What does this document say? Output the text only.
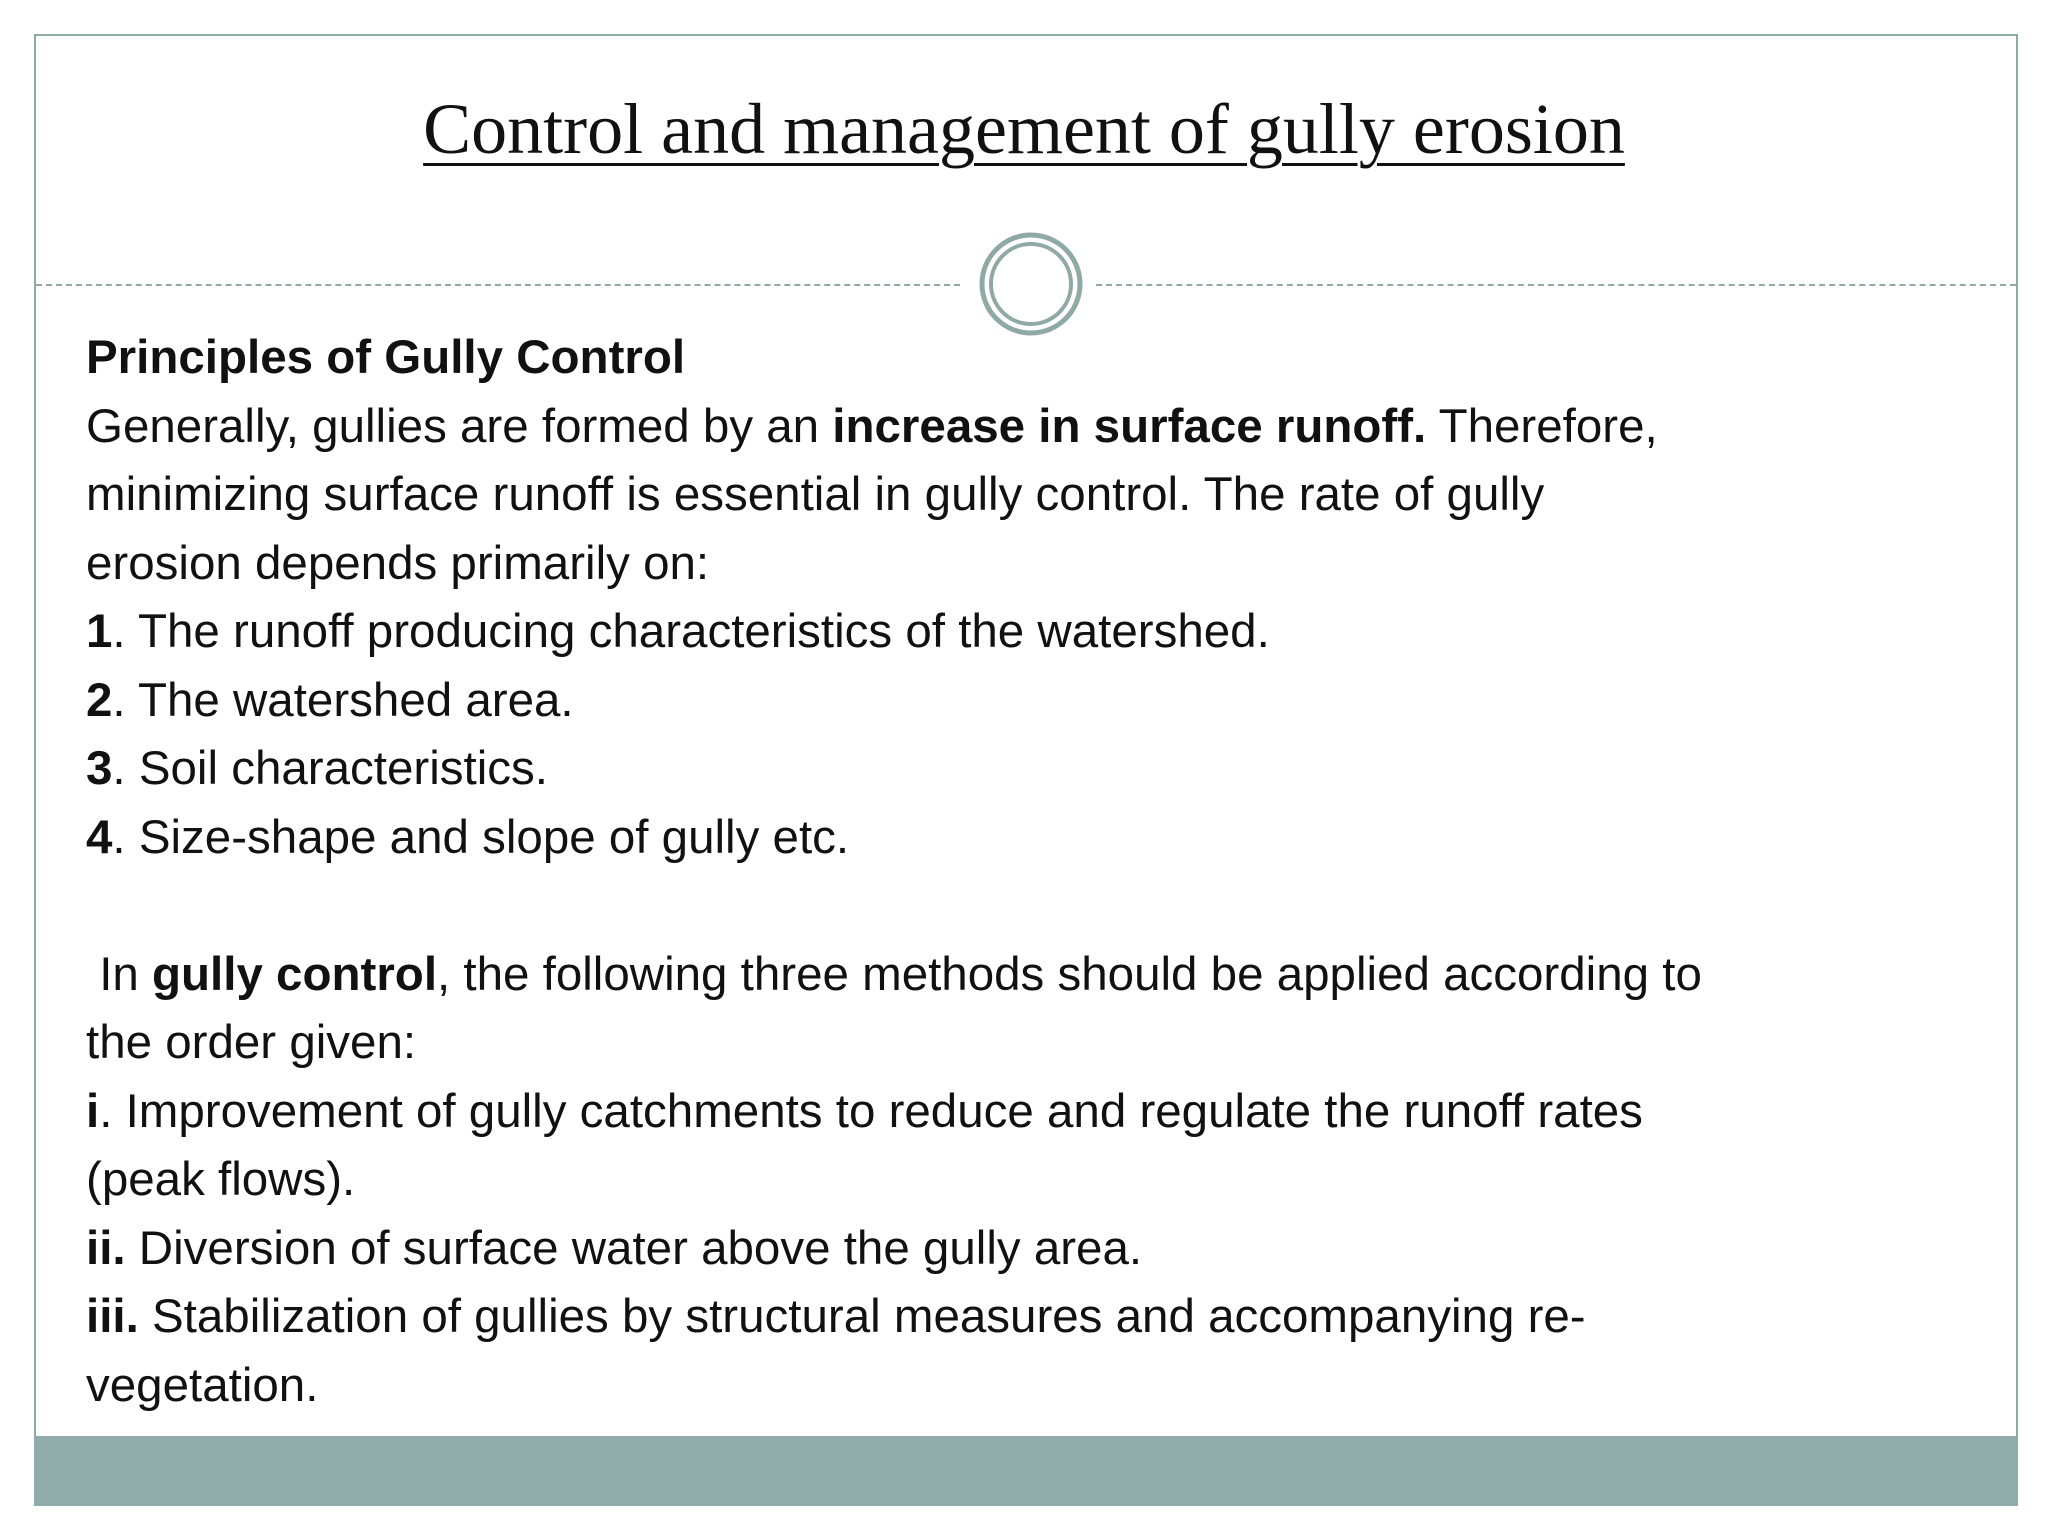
Control and management of gully erosion
Principles of Gully Control
Generally, gullies are formed by an increase in surface runoff. Therefore,
minimizing surface runoff is essential in gully control. The rate of gully
erosion depends primarily on:
1. The runoff producing characteristics of the watershed.
2. The watershed area.
3. Soil characteristics.
4. Size-shape and slope of gully etc.
In gully control, the following three methods should be applied according to
the order given:
i. Improvement of gully catchments to reduce and regulate the runoff rates
(peak flows).
ii. Diversion of surface water above the gully area.
iii. Stabilization of gullies by structural measures and accompanying re-
vegetation.
